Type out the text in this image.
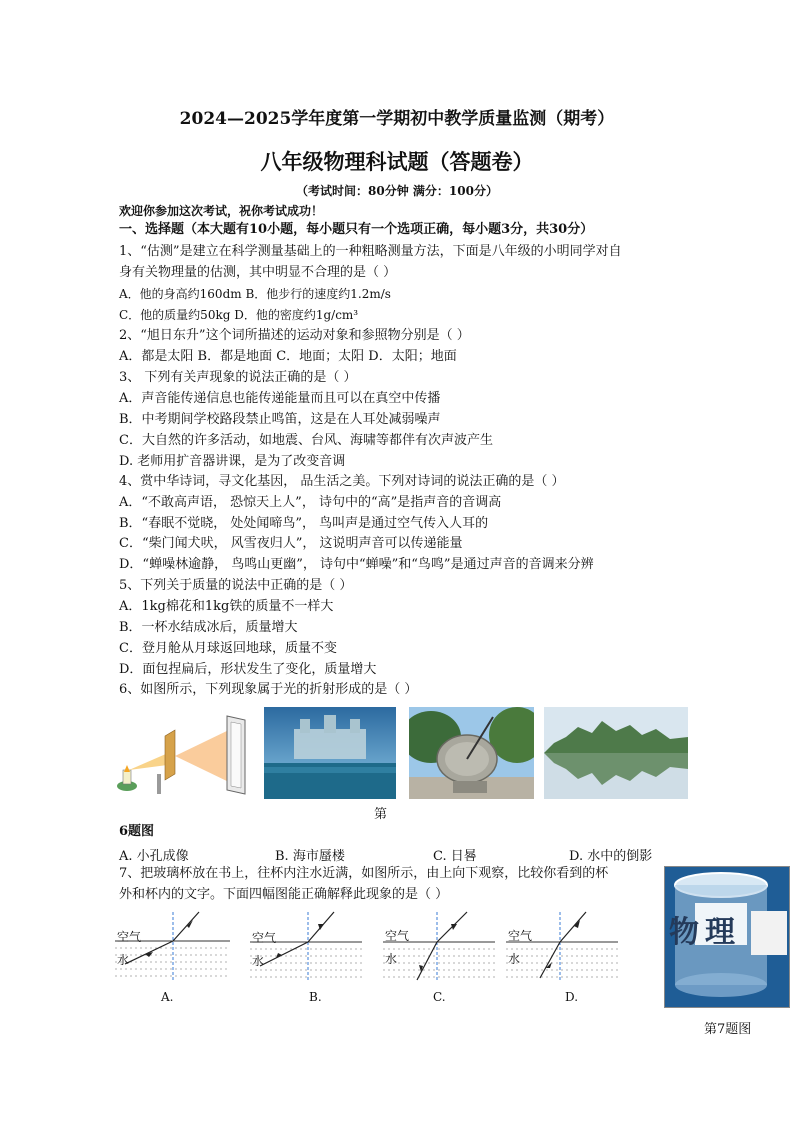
2024—2025学年度第一学期初中教学质量监测（期考）
八年级物理科试题（答题卷）
（考试时间：80分钟 满分：100分）
欢迎你参加这次考试，祝你考试成功！
一、选择题（本大题有10小题，每小题只有一个选项正确，每小题3分，共30分）
1、“估测”是建立在科学测量基础上的一种粗略测量方法，下面是八年级的小明同学对自
身有关物理量的估测，其中明显不合理的是（ ）
A．他的身高约160dm B．他步行的速度约1.2m/s
C．他的质量约50kg D．他的密度约1g/cm³
2、“旭日东升”这个词所描述的运动对象和参照物分别是（ ）
A．都是太阳 B．都是地面 C．地面；太阳 D．太阳；地面
3、 下列有关声现象的说法正确的是（ ）
A．声音能传递信息也能传递能量而且可以在真空中传播
B．中考期间学校路段禁止鸣笛，这是在人耳处减弱噪声
C．大自然的许多活动，如地震、台风、海啸等都伴有次声波产生
D. 老师用扩音器讲课，是为了改变音调
4、赏中华诗词，寻文化基因， 品生活之美。下列对诗词的说法正确的是（ ）
A．“不敢高声语， 恐惊天上人”， 诗句中的“高”是指声音的音调高
B．“春眠不觉晓， 处处闻啼鸟”， 鸟叫声是通过空气传入人耳的
C．“柴门闻犬吠， 风雪夜归人”， 这说明声音可以传递能量
D．“蝉噪林逾静， 鸟鸣山更幽”， 诗句中“蝉噪”和“鸟鸣”是通过声音的音调来分辨
5、下列关于质量的说法中正确的是（ ）
A．1kg棉花和1kg铁的质量不一样大
B．一杯水结成冰后，质量增大
C．登月舱从月球返回地球，质量不变
D．面包捏扁后，形状发生了变化，质量增大
6、如图所示，下列现象属于光的折射形成的是（ ）
第
6题图
A. 小孔成像	B. 海市蜃楼	C. 日晷	D. 水中的倒影
7、把玻璃杯放在书上，往杯内注水近满，如图所示，由上向下观察，比较你看到的杯
外和杯内的文字。下面四幅图能正确解释此现象的是（ ）
物理
第7题图
空气
水
空气
水
空气
水
空气
水
A.	B.	C.	D.
